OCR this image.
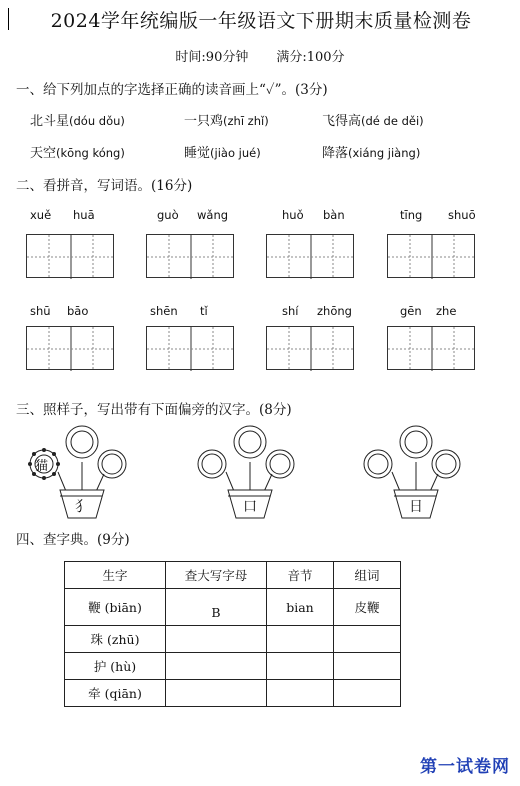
2024学年统编版一年级语文下册期末质量检测卷
时间:90分钟 满分:100分
一、给下列加点的字选择正确的读音画上“✓”。(3分)
北斗星(dóu dǒu)	一只鸡(zhī zhǐ)	飞得高(dé de děi)
天空(kōng kóng)	睡觉(jiào jué)	降落(xiáng jiàng)
二、看拼音，写词语。(16分)
xuě huā	guò wǎng	huǒ bàn	tīng shuō
shū bāo	shēn tǐ	shí zhōng	gēn zhe
三、照样子，写出带有下面偏旁的汉字。(8分)
猫
犭	口	日
四、查字典。(9分)
生字	查大写字母	音节	组词
鞭 (biān)	B	bian	皮鞭
珠 (zhū)			
护 (hù)			
牵 (qiān)			
第一试卷网
